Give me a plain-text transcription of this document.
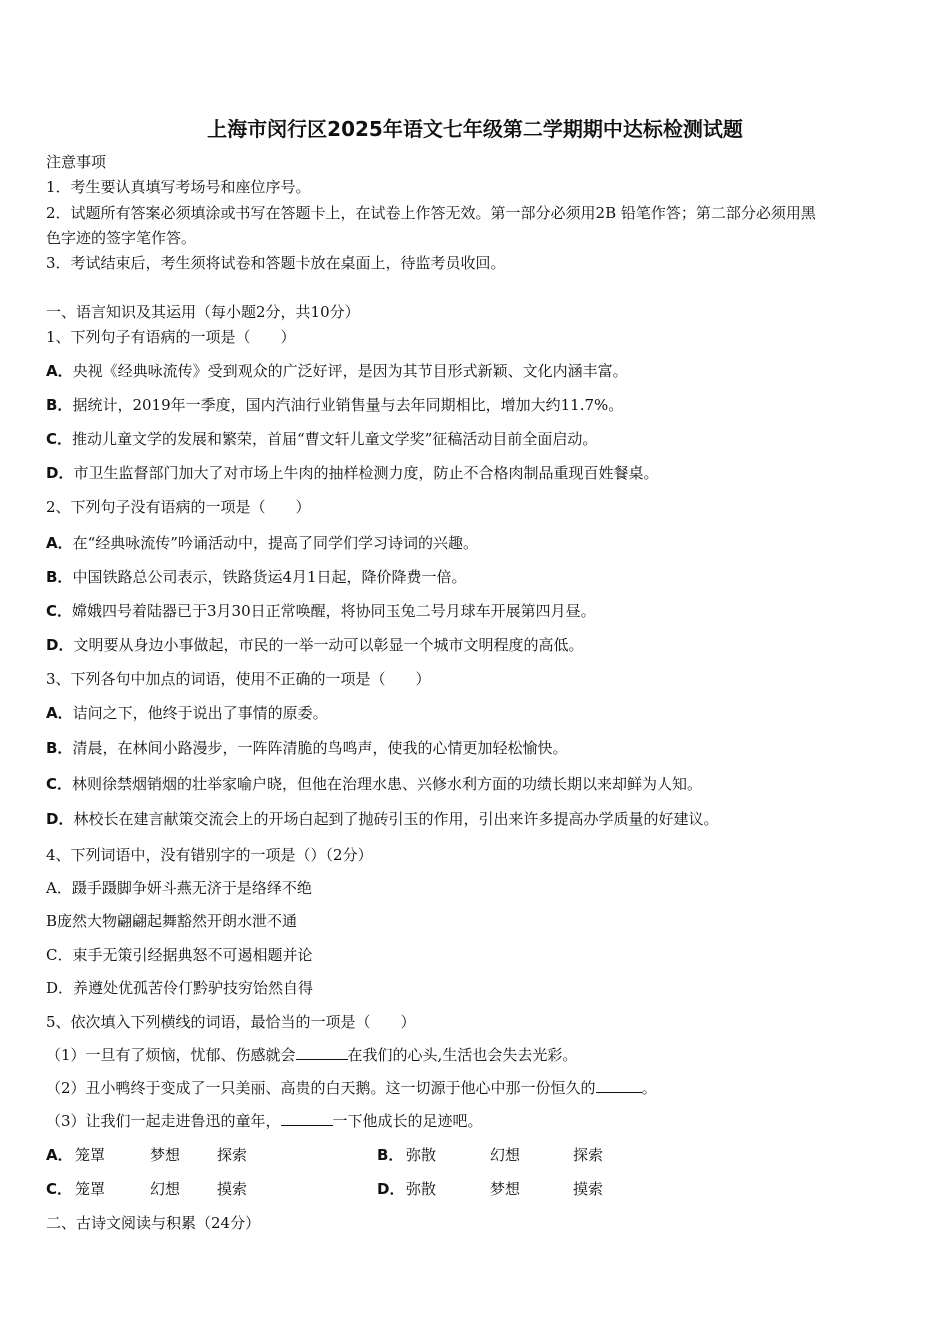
上海市闵行区2025年语文七年级第二学期期中达标检测试题
注意事项
1．考生要认真填写考场号和座位序号。
2．试题所有答案必须填涂或书写在答题卡上，在试卷上作答无效。第一部分必须用2B 铅笔作答；第二部分必须用黑
色字迹的签字笔作答。
3．考试结束后，考生须将试卷和答题卡放在桌面上，待监考员收回。
一、语言知识及其运用（每小题2分，共10分）
1、下列句子有语病的一项是（　　）
A．央视《经典咏流传》受到观众的广泛好评，是因为其节目形式新颖、文化内涵丰富。
B．据统计，2019年一季度，国内汽油行业销售量与去年同期相比，增加大约11.7%。
C．推动儿童文学的发展和繁荣，首届“曹文轩儿童文学奖”征稿活动目前全面启动。
D．市卫生监督部门加大了对市场上牛肉的抽样检测力度，防止不合格肉制品重现百姓餐桌。
2、下列句子没有语病的一项是（　　）
A．在“经典咏流传”吟诵活动中，提高了同学们学习诗词的兴趣。
B．中国铁路总公司表示，铁路货运4月1日起，降价降费一倍。
C．嫦娥四号着陆器已于3月30日正常唤醒，将协同玉兔二号月球车开展第四月昼。
D．文明要从身边小事做起，市民的一举一动可以彰显一个城市文明程度的高低。
3、下列各句中加点的词语，使用不正确的一项是（　　）
A．诘问之下，他终于说出了事情的原委。
B．清晨，在林间小路漫步，一阵阵清脆的鸟鸣声，使我的心情更加轻松愉快。
C．林则徐禁烟销烟的壮举家喻户晓，但他在治理水患、兴修水利方面的功绩长期以来却鲜为人知。
D．林校长在建言献策交流会上的开场白起到了抛砖引玉的作用，引出来许多提高办学质量的好建议。
4、下列词语中，没有错别字的一项是（）（2分）
A．蹑手蹑脚争妍斗燕无济于是络绎不绝
B庞然大物翩翩起舞豁然开朗水泄不通
C．束手无策引经据典怒不可遏相题并论
D．养遵处优孤苦伶仃黔驴技穷饴然自得
5、依次填入下列横线的词语，最恰当的一项是（　　）
（1）一旦有了烦恼，忧郁、伤感就会	在我们的心头,生活也会失去光彩。
（2）丑小鸭终于变成了一只美丽、高贵的白天鹅。这一切源于他心中那一份恒久的	。
（3）让我们一起走进鲁迅的童年，	一下他成长的足迹吧。
A． 笼罩	梦想 探索	B． 弥散	幻想	探索
C． 笼罩	幻想 摸索	D． 弥散	梦想	摸索
二、古诗文阅读与积累（24分）
